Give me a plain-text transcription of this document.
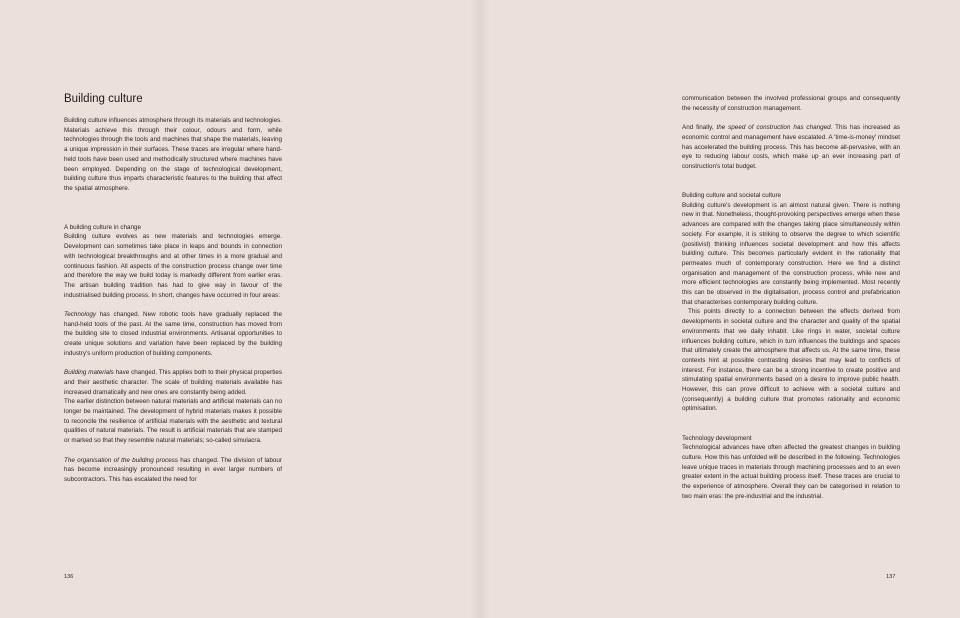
Building culture

Building culture influences atmosphere through its materials and technologies. Materials achieve this through their colour, odours and form, while technologies through the tools and machines that shape the materials, leaving a unique impression in their surfaces. These traces are irregular where hand-held tools have been used and methodically structured where machines have been employed. Depending on the stage of technological development, building culture thus imparts characteristic features to the building that affect the spatial atmosphere.

A building culture in change

Building culture evolves as new materials and technologies emerge. Development can sometimes take place in leaps and bounds in connection with technological breakthroughs and at other times in a more gradual and continuous fashion. All aspects of the construction process change over time and therefore the way we build today is markedly different from earlier eras. The artisan building tradition has had to give way in favour of the industrialised building process. In short, changes have occurred in four areas:

Technology has changed. New robotic tools have gradually replaced the hand-held tools of the past. At the same time, construction has moved from the building site to closed industrial environments. Artisanal opportunities to create unique solutions and variation have been replaced by the building industry's uniform production of building components.

Building materials have changed. This applies both to their physical properties and their aesthetic character. The scale of building materials available has increased dramatically and new ones are constantly being added.

The earlier distinction between natural materials and artificial materials can no longer be maintained. The development of hybrid materials makes it possible to reconcile the resilience of artificial materials with the aesthetic and textural qualities of natural materials. The result is artificial materials that are stamped or marked so that they resemble natural materials; so-called simulacra.

The organisation of the building process has changed. The division of labour has become increasingly pronounced resulting in ever larger numbers of subcontractors. This has escalated the need for

136

communication between the involved professional groups and consequently the necessity of construction management.

And finally, the speed of construction has changed. This has increased as economic control and management have escalated. A 'time-is-money' mindset has accelerated the building process. This has become all-pervasive, with an eye to reducing labour costs, which make up an ever increasing part of construction's total budget.

Building culture and societal culture

Building culture's development is an almost natural given. There is nothing new in that. Nonetheless, thought-provoking perspectives emerge when these advances are compared with the changes taking place simultaneously within society. For example, it is striking to observe the degree to which scientific (positivist) thinking influences societal development and how this affects building culture. This becomes particularly evident in the rationality that permeates much of contemporary construction. Here we find a distinct organisation and management of the construction process, while new and more efficient technologies are constantly being implemented. Most recently this can be observed in the digitalisation, process control and prefabrication that characterises contemporary building culture.

This points directly to a connection between the effects derived from developments in societal culture and the character and quality of the spatial environments that we daily inhabit. Like rings in water, societal culture influences building culture, which in turn influences the buildings and spaces that ultimately create the atmosphere that affects us. At the same time, these contexts hint at possible contrasting desires that may lead to conflicts of interest. For instance, there can be a strong incentive to create positive and stimulating spatial environments based on a desire to improve public health. However, this can prove difficult to achieve with a societal culture and (consequently) a building culture that promotes rationality and economic optimisation.

Technology development

Technological advances have often affected the greatest changes in building culture. How this has unfolded will be described in the following. Technologies leave unique traces in materials through machining processes and to an even greater extent in the actual building process itself. These traces are crucial to the experience of atmosphere. Overall they can be categorised in relation to two main eras: the pre-industrial and the industrial.

137
